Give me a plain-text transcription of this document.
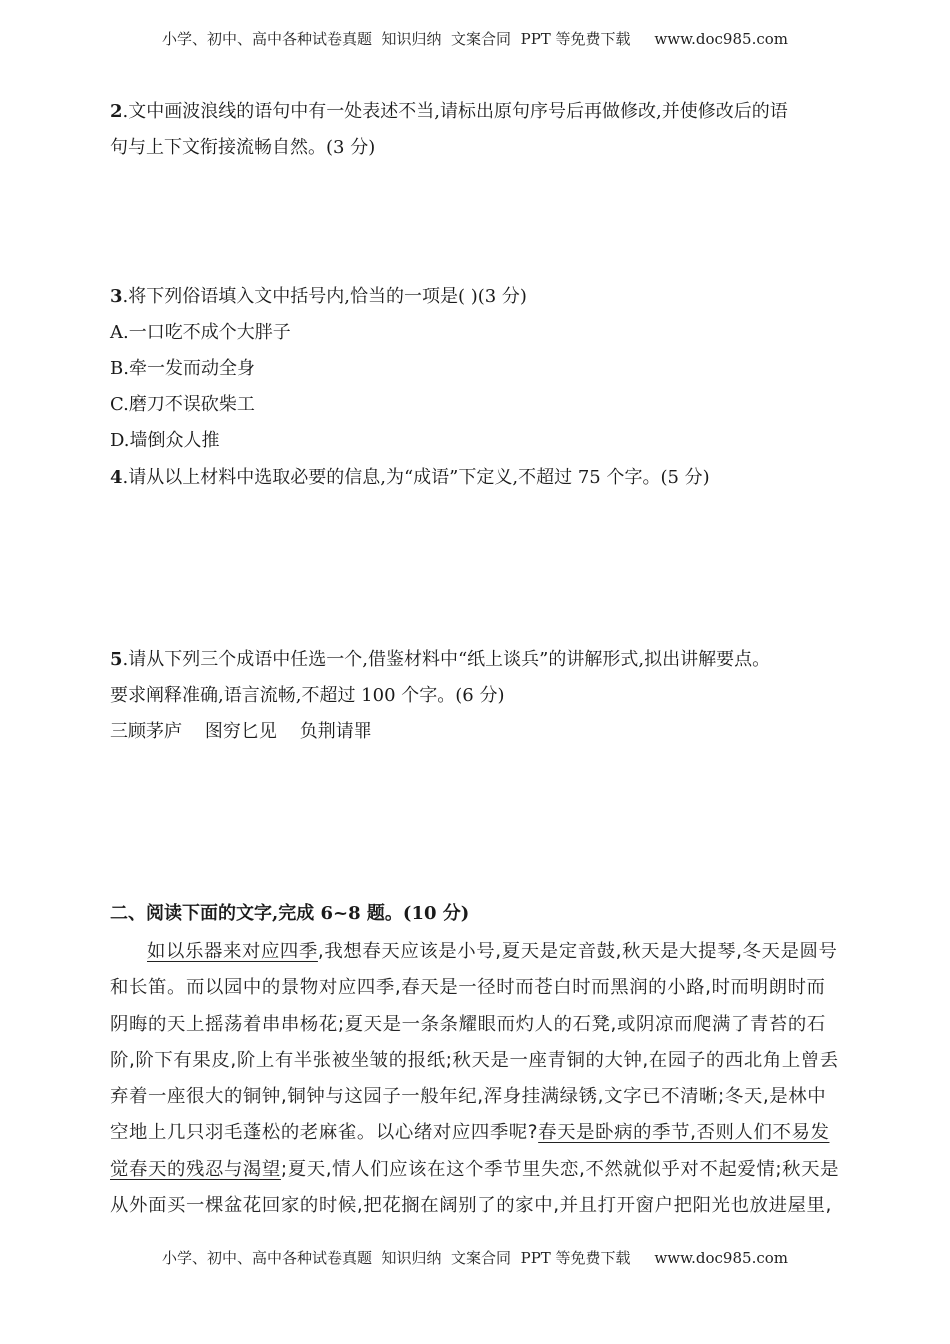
小学、初中、高中各种试卷真题  知识归纳  文案合同  PPT 等免费下载     www.doc985.com
2.文中画波浪线的语句中有一处表述不当,请标出原句序号后再做修改,并使修改后的语
句与上下文衔接流畅自然。(3 分)
3.将下列俗语填入文中括号内,恰当的一项是( )(3 分)
A.一口吃不成个大胖子
B.牵一发而动全身
C.磨刀不误砍柴工
D.墙倒众人推
4.请从以上材料中选取必要的信息,为“成语”下定义,不超过 75 个字。(5 分)
5.请从下列三个成语中任选一个,借鉴材料中“纸上谈兵”的讲解形式,拟出讲解要点。
要求阐释准确,语言流畅,不超过 100 个字。(6 分)
三顾茅庐    图穷匕见    负荆请罪
二、阅读下面的文字,完成 6~8 题。(10 分)
如以乐器来对应四季,我想春天应该是小号,夏天是定音鼓,秋天是大提琴,冬天是圆号
和长笛。而以园中的景物对应四季,春天是一径时而苍白时而黑润的小路,时而明朗时而
阴晦的天上摇荡着串串杨花;夏天是一条条耀眼而灼人的石凳,或阴凉而爬满了青苔的石
阶,阶下有果皮,阶上有半张被坐皱的报纸;秋天是一座青铜的大钟,在园子的西北角上曾丢
弃着一座很大的铜钟,铜钟与这园子一般年纪,浑身挂满绿锈,文字已不清晰;冬天,是林中
空地上几只羽毛蓬松的老麻雀。以心绪对应四季呢?春天是卧病的季节,否则人们不易发
觉春天的残忍与渴望;夏天,情人们应该在这个季节里失恋,不然就似乎对不起爱情;秋天是
从外面买一棵盆花回家的时候,把花搁在阔别了的家中,并且打开窗户把阳光也放进屋里,
小学、初中、高中各种试卷真题  知识归纳  文案合同  PPT 等免费下载     www.doc985.com
